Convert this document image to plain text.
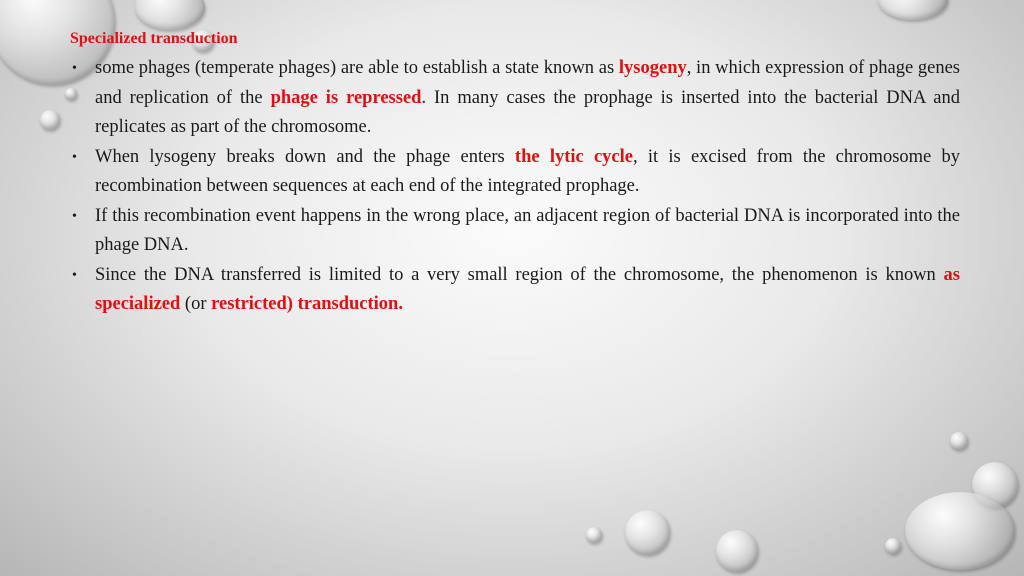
Specialized transduction
• some phages (temperate phages) are able to establish a state known as lysogeny, in which expression of phage genes and replication of the phage is repressed. In many cases the prophage is inserted into the bacterial DNA and replicates as part of the chromosome.
• When lysogeny breaks down and the phage enters the lytic cycle, it is excised from the chromosome by recombination between sequences at each end of the integrated prophage.
• If this recombination event happens in the wrong place, an adjacent region of bacterial DNA is incorporated into the phage DNA.
• Since the DNA transferred is limited to a very small region of the chromosome, the phenomenon is known as specialized (or restricted) transduction.
